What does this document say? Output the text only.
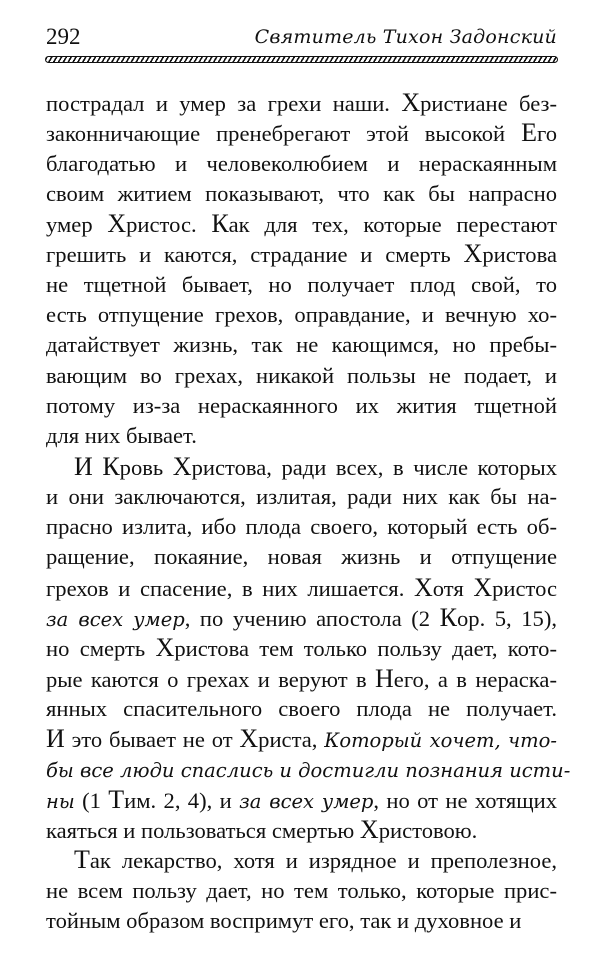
292	Святитель Тихон Задонский
пострадал и умер за грехи наши. Христиане без-
законничающие пренебрегают этой высокой Его
благодатью и человеколюбием и нераскаянным
своим житием показывают, что как бы напрасно
умер Христос. Как для тех, которые перестают
грешить и каются, страдание и смерть Христова
не тщетной бывает, но получает плод свой, то
есть отпущение грехов, оправдание, и вечную хо-
датайствует жизнь, так не кающимся, но пребы-
вающим во грехах, никакой пользы не подает, и
потому из-за нераскаянного их жития тщетной
для них бывает.
И Кровь Христова, ради всех, в числе которых
и они заключаются, излитая, ради них как бы на-
прасно излита, ибо плода своего, который есть об-
ращение, покаяние, новая жизнь и отпущение
грехов и спасение, в них лишается. Хотя Христос
за всех умер, по учению апостола (2 Кор. 5, 15),
но смерть Христова тем только пользу дает, кото-
рые каются о грехах и веруют в Него, а в нераска-
янных спасительного своего плода не получает.
И это бывает не от Христа, Который хочет, что-
бы все люди спаслись и достигли познания исти-
ны (1 Тим. 2, 4), и за всех умер, но от не хотящих
каяться и пользоваться смертью Христовою.
Так лекарство, хотя и изрядное и преполезное,
не всем пользу дает, но тем только, которые прис-
тойным образом воспримут его, так и духовное и
